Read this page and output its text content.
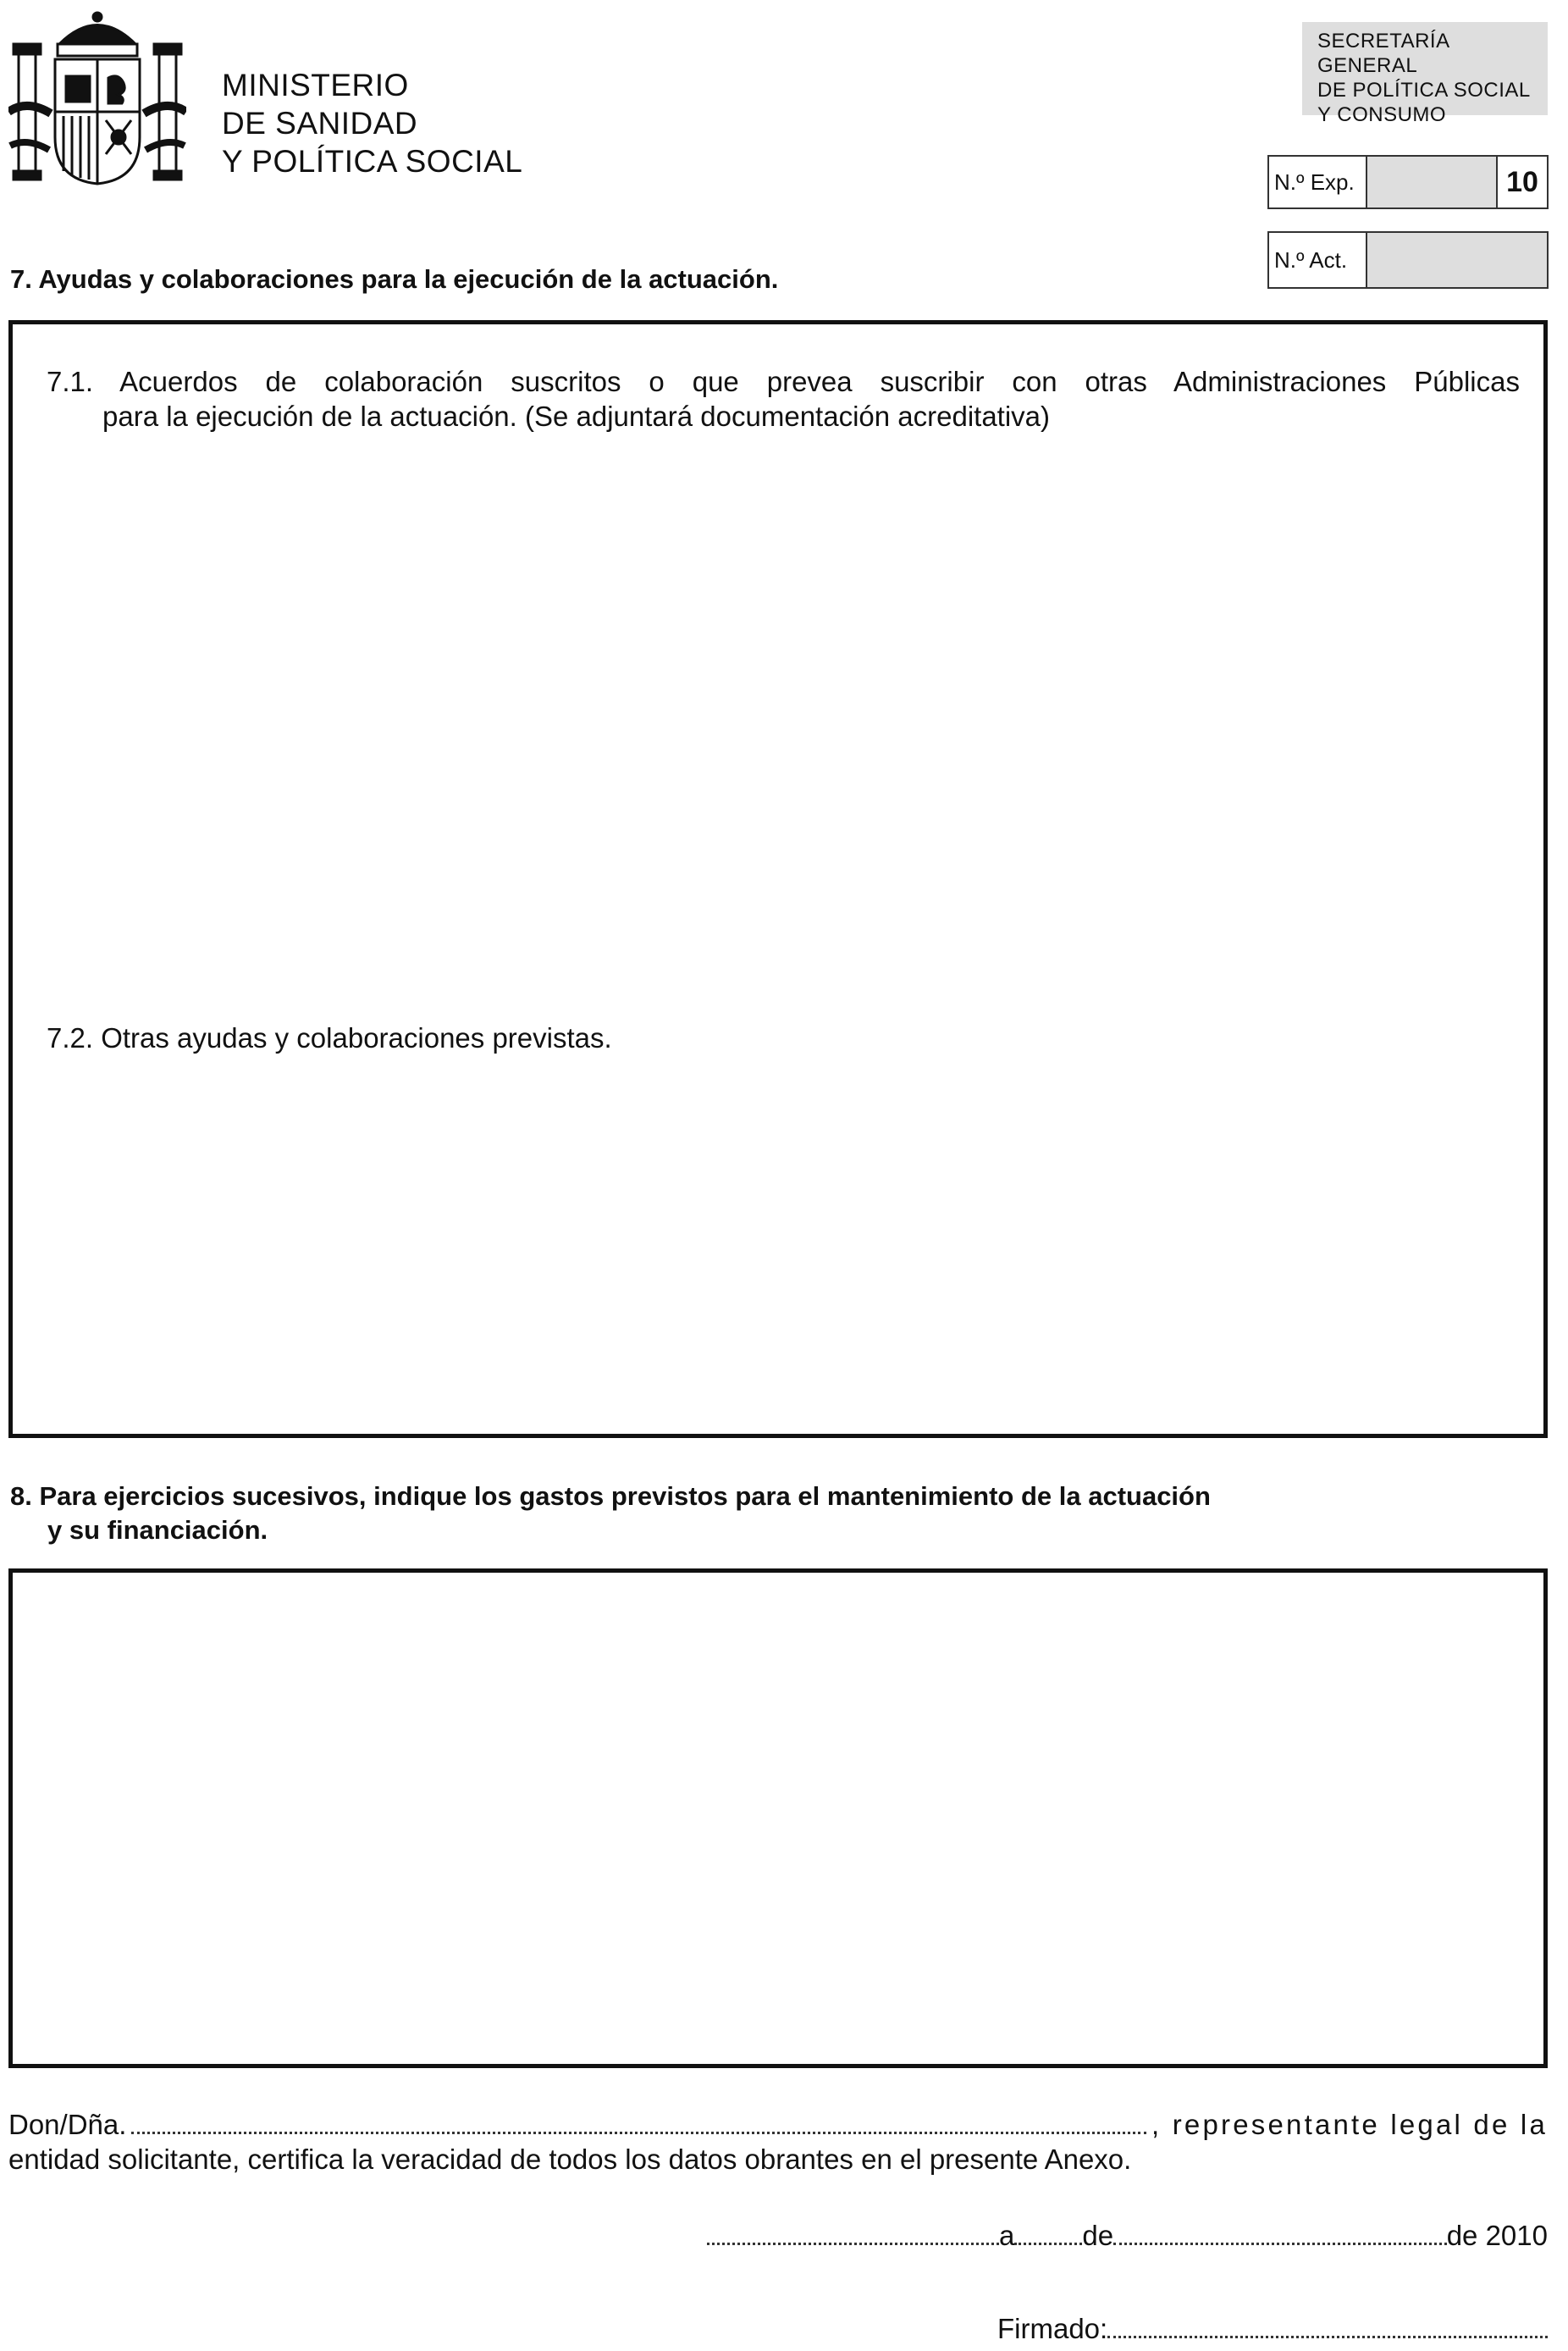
MINISTERIO
DE SANIDAD
Y POLÍTICA SOCIAL
SECRETARÍA GENERAL
DE POLÍTICA SOCIAL
Y CONSUMO
N.º Exp.	10
N.º Act.
7. Ayudas y colaboraciones para la ejecución de la actuación.
7.1. Acuerdos de colaboración suscritos o que prevea suscribir con otras Administraciones Públicas
para la ejecución de la actuación. (Se adjuntará documentación acreditativa)
7.2. Otras ayudas y colaboraciones previstas.
8. Para ejercicios sucesivos, indique los gastos previstos para el mantenimiento de la actuación
y su financiación.
Don/Dña.	, representante legal de la
entidad solicitante, certifica la veracidad de todos los datos obrantes en el presente Anexo.
a de	de 2010
Firmado:
